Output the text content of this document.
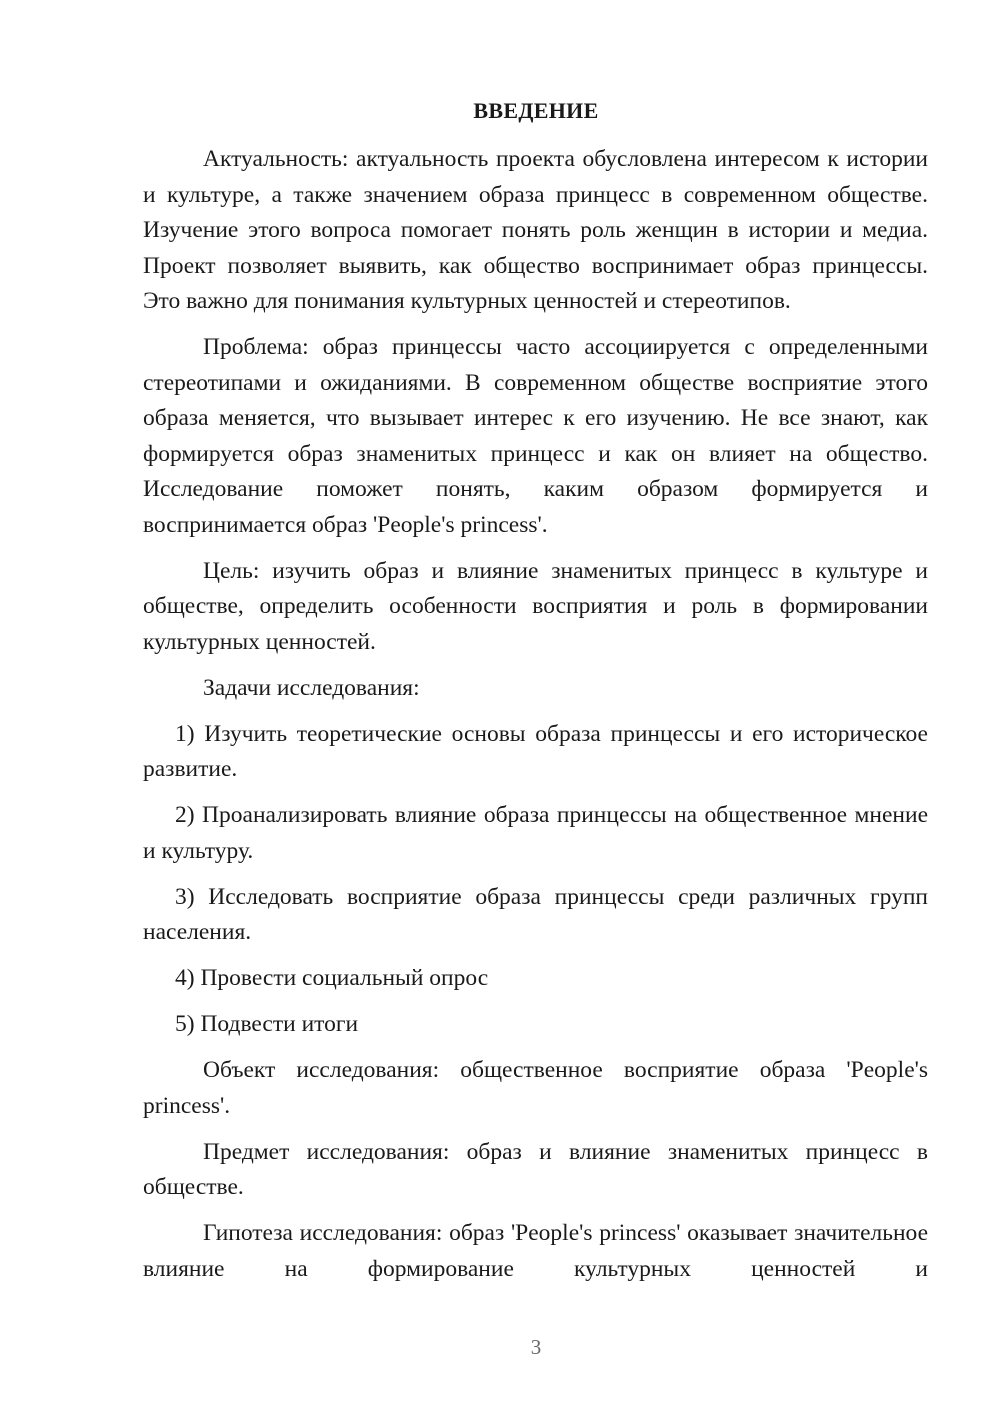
ВВЕДЕНИЕ

Актуальность: актуальность проекта обусловлена интересом к истории и культуре, а также значением образа принцесс в современном обществе. Изучение этого вопроса помогает понять роль женщин в истории и медиа. Проект позволяет выявить, как общество воспринимает образ принцессы. Это важно для понимания культурных ценностей и стереотипов.

Проблема: образ принцессы часто ассоциируется с определенными стереотипами и ожиданиями. В современном обществе восприятие этого образа меняется, что вызывает интерес к его изучению. Не все знают, как формируется образ знаменитых принцесс и как он влияет на общество. Исследование поможет понять, каким образом формируется и воспринимается образ 'People's princess'.

Цель: изучить образ и влияние знаменитых принцесс в культуре и обществе, определить особенности восприятия и роль в формировании культурных ценностей.

Задачи исследования:

1) Изучить теоретические основы образа принцессы и его историческое развитие.

2) Проанализировать влияние образа принцессы на общественное мнение и культуру.

3) Исследовать восприятие образа принцессы среди различных групп населения.

4) Провести социальный опрос

5) Подвести итоги

Объект исследования: общественное восприятие образа 'People's princess'.

Предмет исследования: образ и влияние знаменитых принцесс в обществе.

Гипотеза исследования: образ 'People's princess' оказывает значительное влияние на формирование культурных ценностей и

3
